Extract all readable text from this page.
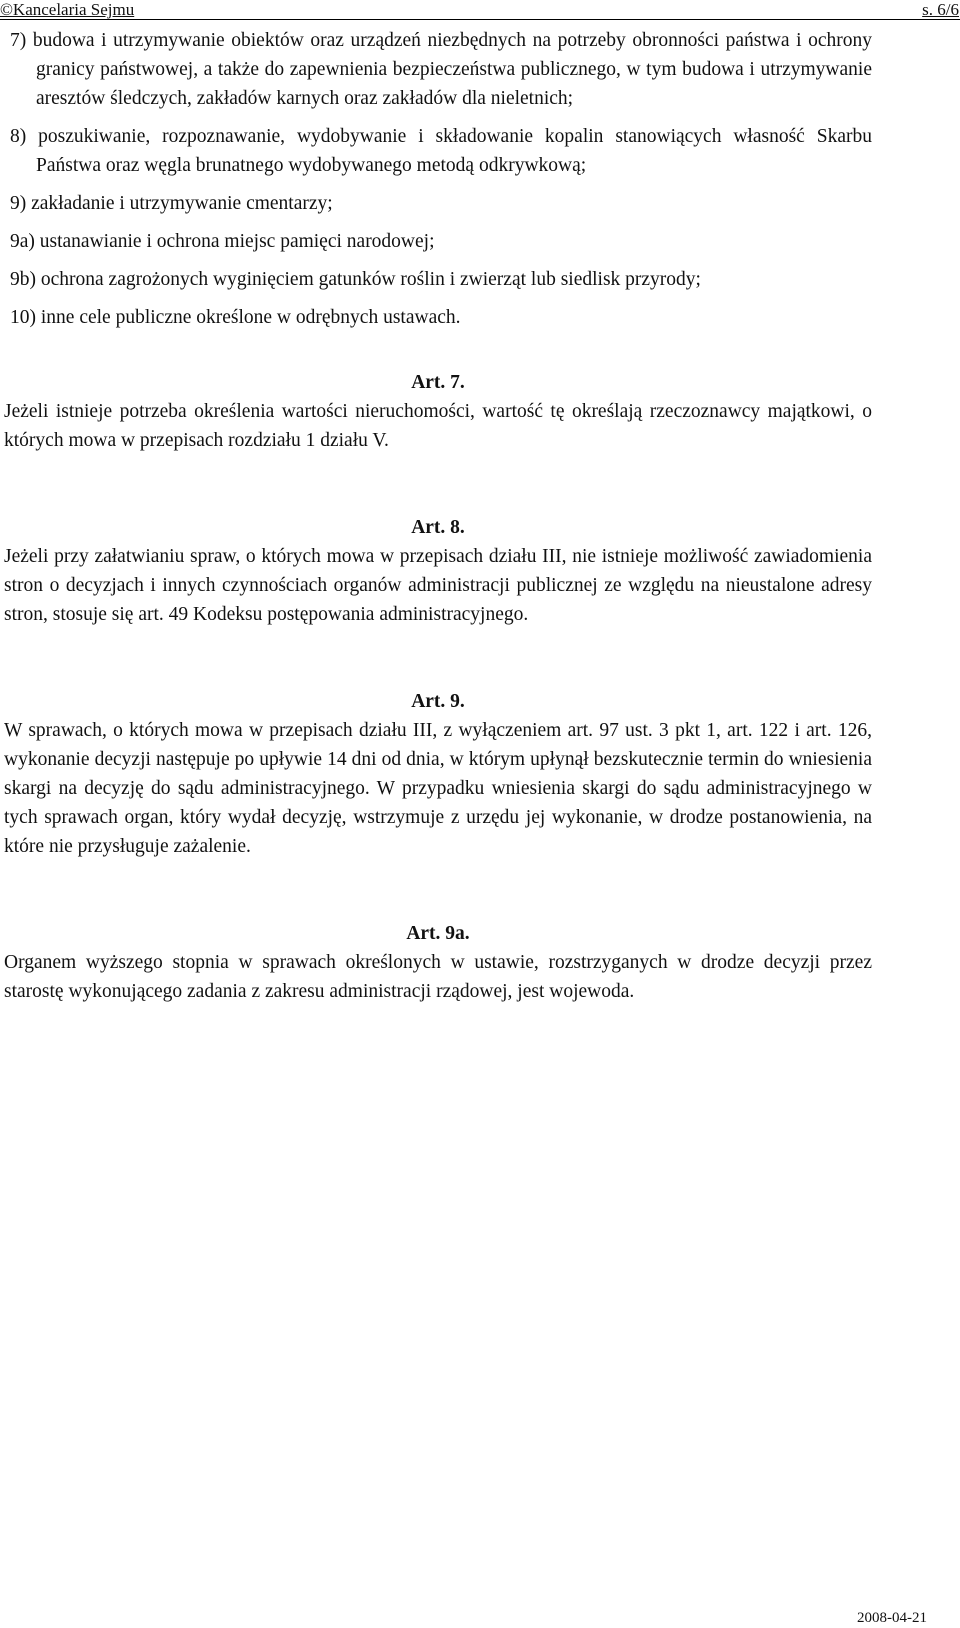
©Kancelaria Sejmu	s. 6/6

7) budowa i utrzymywanie obiektów oraz urządzeń niezbędnych na potrzeby obronności państwa i ochrony granicy państwowej, a także do zapewnienia bezpieczeństwa publicznego, w tym budowa i utrzymywanie aresztów śledczych, zakładów karnych oraz zakładów dla nieletnich;

8) poszukiwanie, rozpoznawanie, wydobywanie i składowanie kopalin stanowiących własność Skarbu Państwa oraz węgla brunatnego wydobywanego metodą odkrywkową;

9) zakładanie i utrzymywanie cmentarzy;

9a) ustanawianie i ochrona miejsc pamięci narodowej;

9b) ochrona zagrożonych wyginięciem gatunków roślin i zwierząt lub siedlisk przyrody;

10) inne cele publiczne określone w odrębnych ustawach.

Art. 7.

Jeżeli istnieje potrzeba określenia wartości nieruchomości, wartość tę określają rzeczoznawcy majątkowi, o których mowa w przepisach rozdziału 1 działu V.

Art. 8.

Jeżeli przy załatwianiu spraw, o których mowa w przepisach działu III, nie istnieje możliwość zawiadomienia stron o decyzjach i innych czynnościach organów administracji publicznej ze względu na nieustalone adresy stron, stosuje się art. 49 Kodeksu postępowania administracyjnego.

Art. 9.

W sprawach, o których mowa w przepisach działu III, z wyłączeniem art. 97 ust. 3 pkt 1, art. 122 i art. 126, wykonanie decyzji następuje po upływie 14 dni od dnia, w którym upłynął bezskutecznie termin do wniesienia skargi na decyzję do sądu administracyjnego. W przypadku wniesienia skargi do sądu administracyjnego w tych sprawach organ, który wydał decyzję, wstrzymuje z urzędu jej wykonanie, w drodze postanowienia, na które nie przysługuje zażalenie.

Art. 9a.

Organem wyższego stopnia w sprawach określonych w ustawie, rozstrzyganych w drodze decyzji przez starostę wykonującego zadania z zakresu administracji rządowej, jest wojewoda.

2008-04-21
